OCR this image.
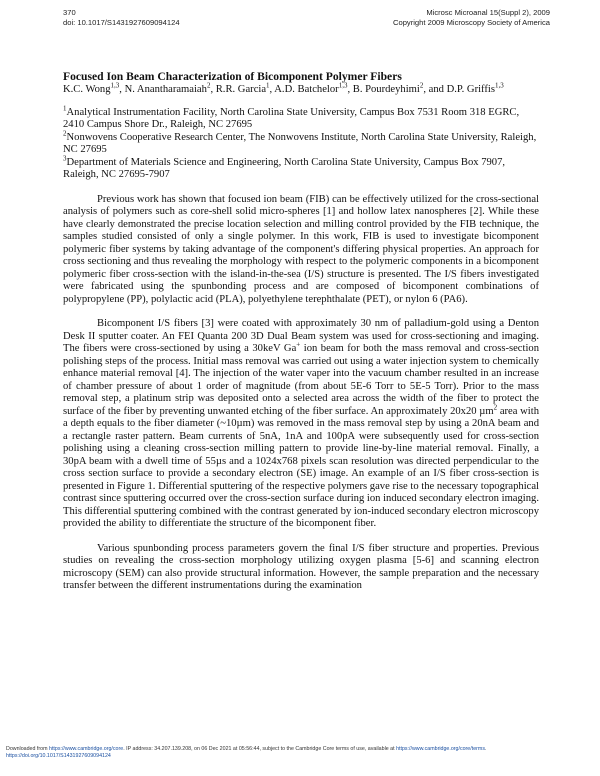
370
doi: 10.1017/S1431927609094124
Microsc Microanal 15(Suppl 2), 2009
Copyright 2009 Microscopy Society of America
Focused Ion Beam Characterization of Bicomponent Polymer Fibers

K.C. Wong$^{1,3}$, N. Anantharamaiah$^2$, R.R. Garcia$^1$, A.D. Batchelor$^{1,3}$, B. Pourdeyhimi$^2$, and D.P. Griffis$^{1,3}$

$^1$Analytical Instrumentation Facility, North Carolina State University, Campus Box 7531 Room 318 EGRC, 2410 Campus Shore Dr., Raleigh, NC 27695

$^2$Nonwovens Cooperative Research Center, The Nonwovens Institute, North Carolina State University, Raleigh, NC 27695

$^3$Department of Materials Science and Engineering, North Carolina State University, Campus Box 7907, Raleigh, NC 27695-7907

Previous work has shown that focused ion beam (FIB) can be effectively utilized for the cross-sectional analysis of polymers such as core-shell solid micro-spheres [1] and hollow latex nanospheres [2]. While these have clearly demonstrated the precise location selection and milling control provided by the FIB technique, the samples studied consisted of only a single polymer. In this work, FIB is used to investigate bicomponent polymeric fiber systems by taking advantage of the component's differing physical properties. An approach for cross sectioning and thus revealing the morphology with respect to the polymeric components in a bicomponent polymeric fiber cross-section with the island-in-the-sea (I/S) structure is presented. The I/S fibers investigated were fabricated using the spunbonding process and are composed of bicomponent combinations of polypropylene (PP), polylactic acid (PLA), polyethylene terephthalate (PET), or nylon 6 (PA6).

Bicomponent I/S fibers [3] were coated with approximately 30 nm of palladium-gold using a Denton Desk II sputter coater. An FEI Quanta 200 3D Dual Beam system was used for cross-sectioning and imaging. The fibers were cross-sectioned by using a 30keV Ga+ ion beam for both the mass removal and cross-section polishing steps of the process. Initial mass removal was carried out using a water injection system to chemically enhance material removal [4]. The injection of the water vaper into the vacuum chamber resulted in an increase of chamber pressure of about 1 order of magnitude (from about 5E-6 Torr to 5E-5 Torr). Prior to the mass removal step, a platinum strip was deposited onto a selected area across the width of the fiber to protect the surface of the fiber by preventing unwanted etching of the fiber surface. An approximately 20x20 µm$^2$ area with a depth equals to the fiber diameter (~10µm) was removed in the mass removal step by using a 20nA beam and a rectangle raster pattern. Beam currents of 5nA, 1nA and 100pA were subsequently used for cross-section polishing using a cleaning cross-section milling pattern to provide line-by-line material removal. Finally, a 30pA beam with a dwell time of 55µs and a 1024x768 pixels scan resolution was directed perpendicular to the cross section surface to provide a secondary electron (SE) image. An example of an I/S fiber cross-section is presented in Figure 1. Differential sputtering of the respective polymers gave rise to the necessary topographical contrast since sputtering occurred over the cross-section surface during ion induced secondary electron imaging. This differential sputtering combined with the contrast generated by ion-induced secondary electron microscopy provided the ability to differentiate the structure of the bicomponent fiber.

Various spunbonding process parameters govern the final I/S fiber structure and properties. Previous studies on revealing the cross-section morphology utilizing oxygen plasma [5-6] and scanning electron microscopy (SEM) can also provide structural information. However, the sample preparation and the necessary transfer between the different instrumentations during the examination

Downloaded from https://www.cambridge.org/core. IP address: 34.207.139.208, on 06 Dec 2021 at 05:56:44, subject to the Cambridge Core terms of use, available at https://www.cambridge.org/core/terms.
https://doi.org/10.1017/S1431927609094124
